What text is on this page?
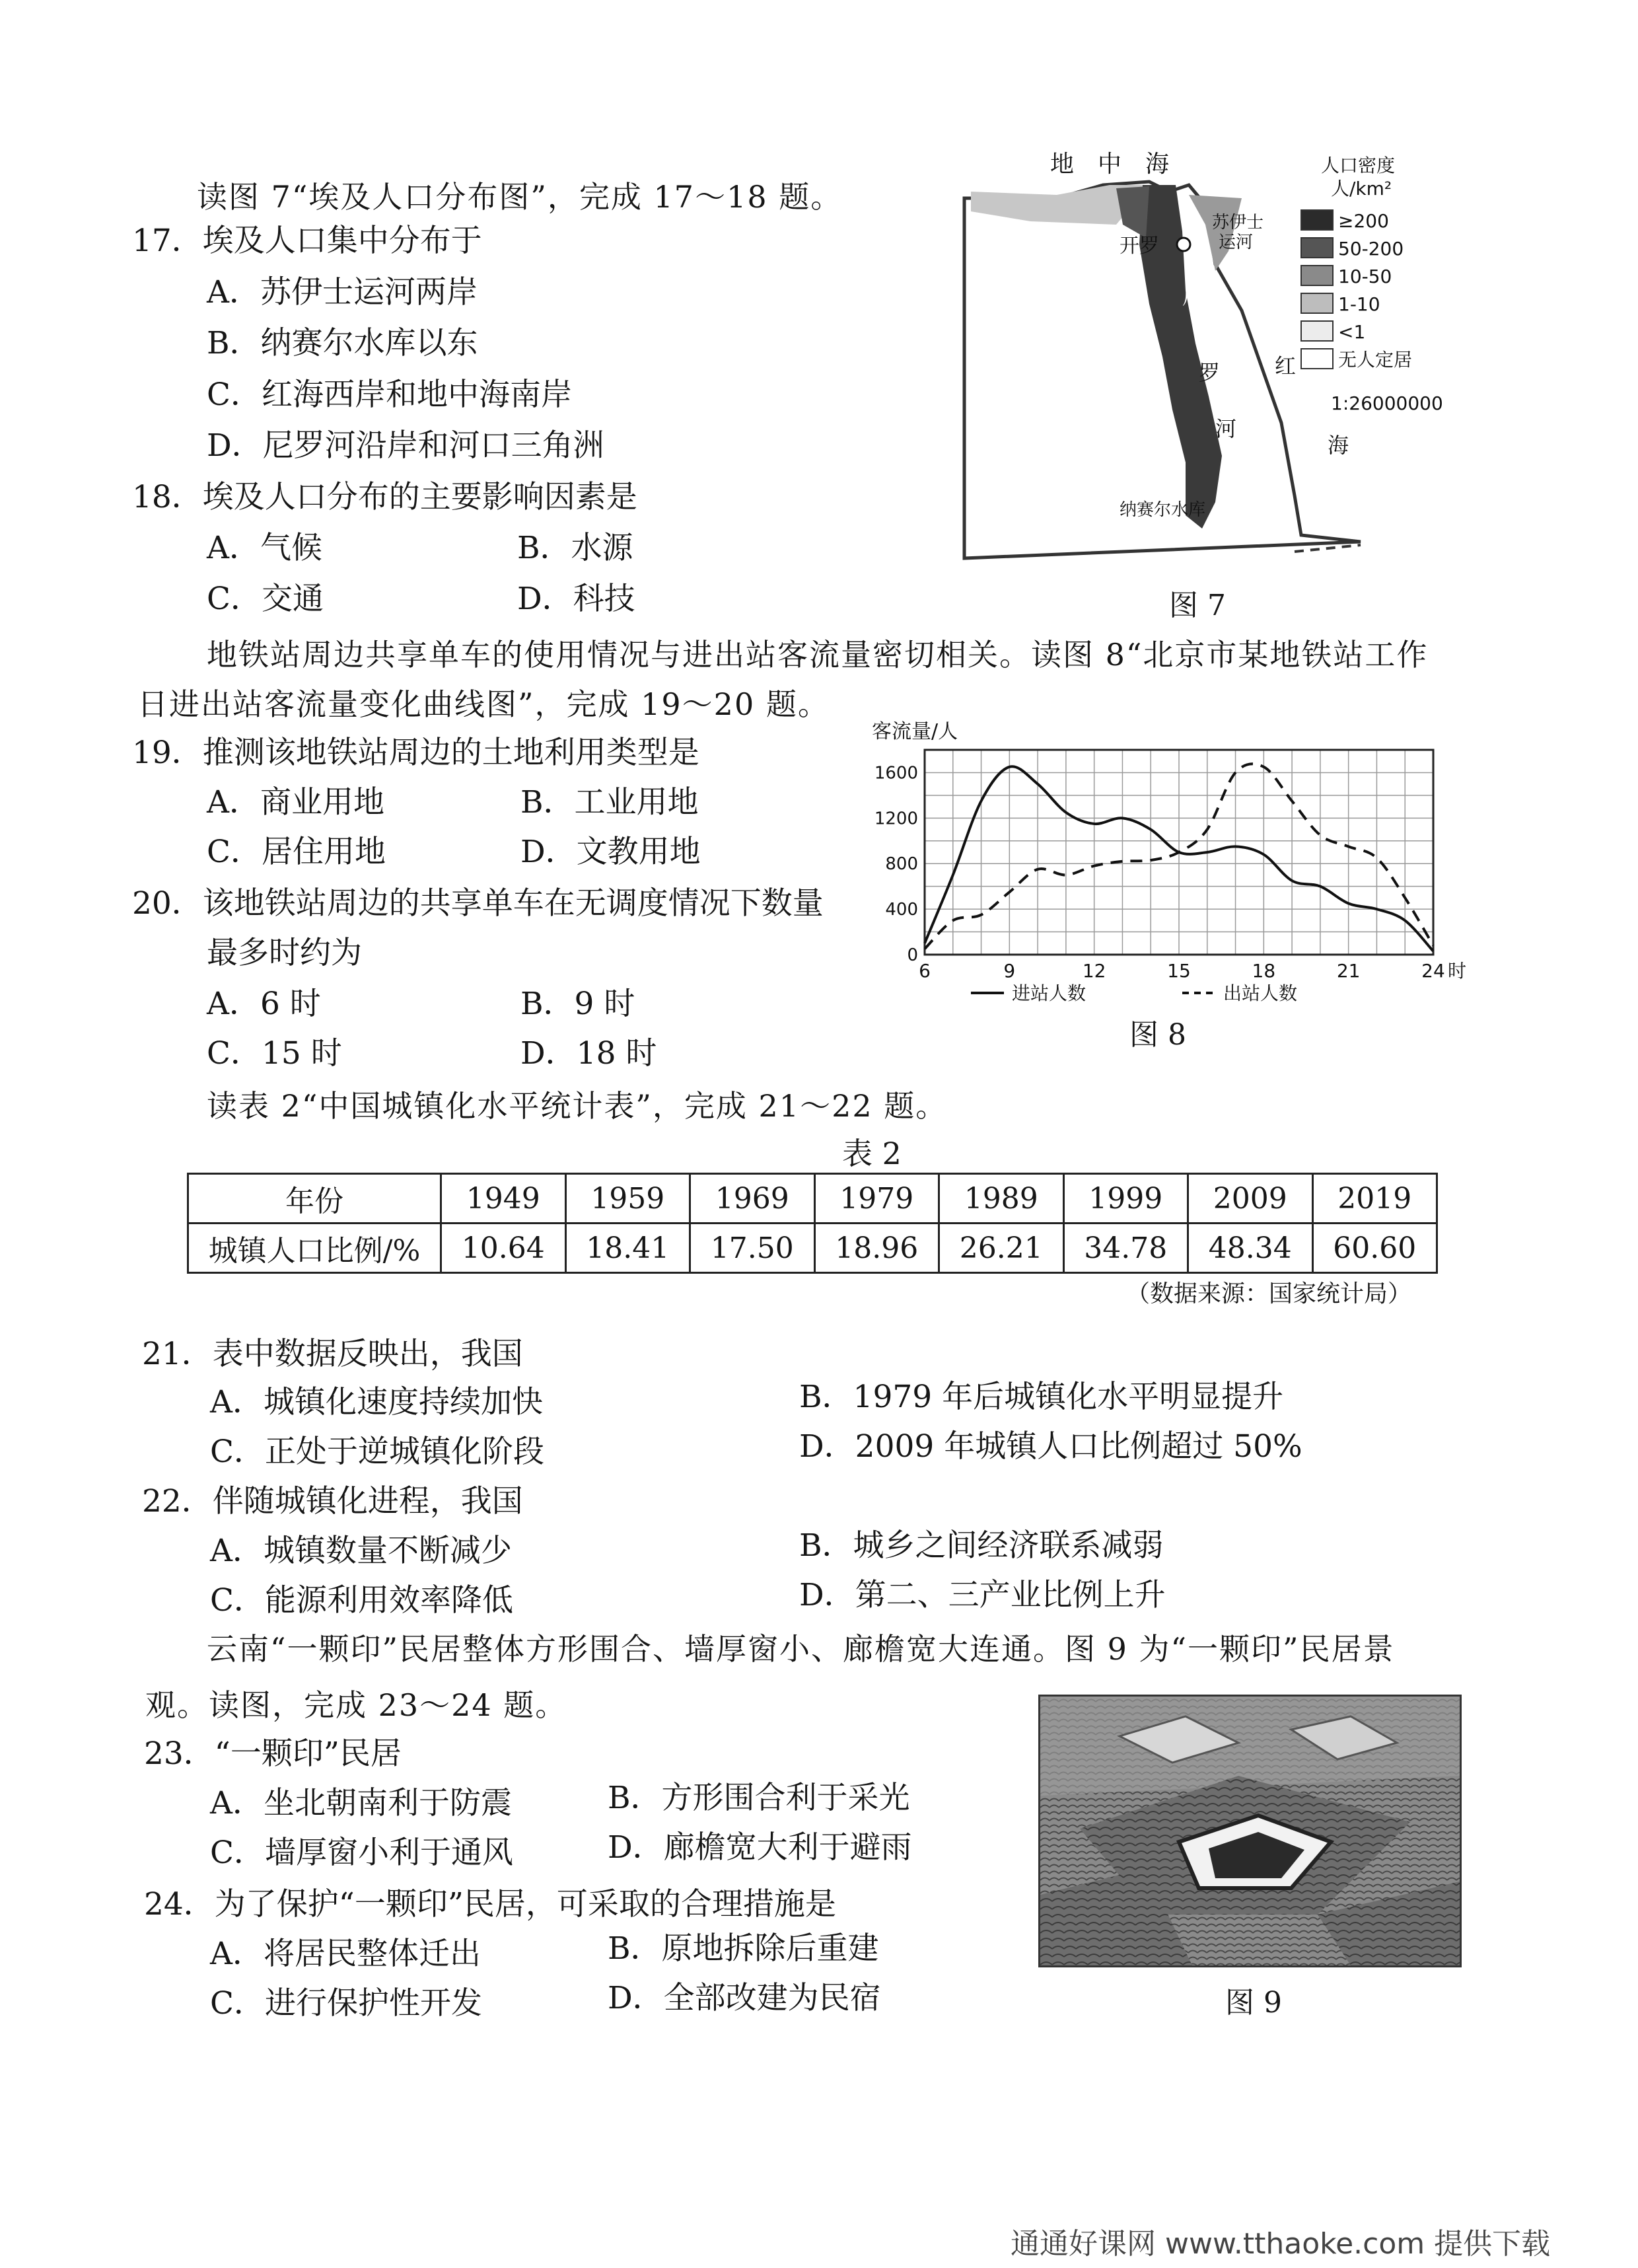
读图 7“埃及人口分布图”，完成 17～18 题。
17．埃及人口集中分布于
A．苏伊士运河两岸
B．纳赛尔水库以东
C．红海西岸和地中海南岸
D．尼罗河沿岸和河口三角洲
18．埃及人口分布的主要影响因素是
A．气候	B．水源
C．交通	D．科技
开罗
地　中　海
苏伊士
运河
尼
罗
河
纳赛尔水库
红
海
人口密度
人/km²
≥200
50-200
10-50
1-10
<1
无人定居
1:26000000
图 7
地铁站周边共享单车的使用情况与进出站客流量密切相关。读图 8“北京市某地铁站工作
日进出站客流量变化曲线图”，完成 19～20 题。
19．推测该地铁站周边的土地利用类型是
A．商业用地	B．工业用地
C．居住用地	D．文教用地
20．该地铁站周边的共享单车在无调度情况下数量
最多时约为
A．6 时	B．9 时
C．15 时	D．18 时
客流量/人
0
400
800
1200
1600
6	9	12	15	18	21	24 时
进站人数	出站人数
图 8
读表 2“中国城镇化水平统计表”，完成 21～22 题。
表 2
年份	1949	1959	1969	1979	1989	1999	2009	2019
城镇人口比例/%	10.64	18.41	17.50	18.96	26.21	34.78	48.34	60.60
（数据来源：国家统计局）
21．表中数据反映出，我国
A．城镇化速度持续加快	B．1979 年后城镇化水平明显提升
C．正处于逆城镇化阶段	D．2009 年城镇人口比例超过 50%
22．伴随城镇化进程，我国
A．城镇数量不断减少	B．城乡之间经济联系减弱
C．能源利用效率降低	D．第二、三产业比例上升
云南“一颗印”民居整体方形围合、墙厚窗小、廊檐宽大连通。图 9 为“一颗印”民居景
观。读图，完成 23～24 题。
23．“一颗印”民居
A．坐北朝南利于防震	B．方形围合利于采光
C．墙厚窗小利于通风	D．廊檐宽大利于避雨
24．为了保护“一颗印”民居，可采取的合理措施是
A．将居民整体迁出	B．原地拆除后重建
C．进行保护性开发	D．全部改建为民宿	图 9
通通好课网 www.tthaoke.com 提供下载
